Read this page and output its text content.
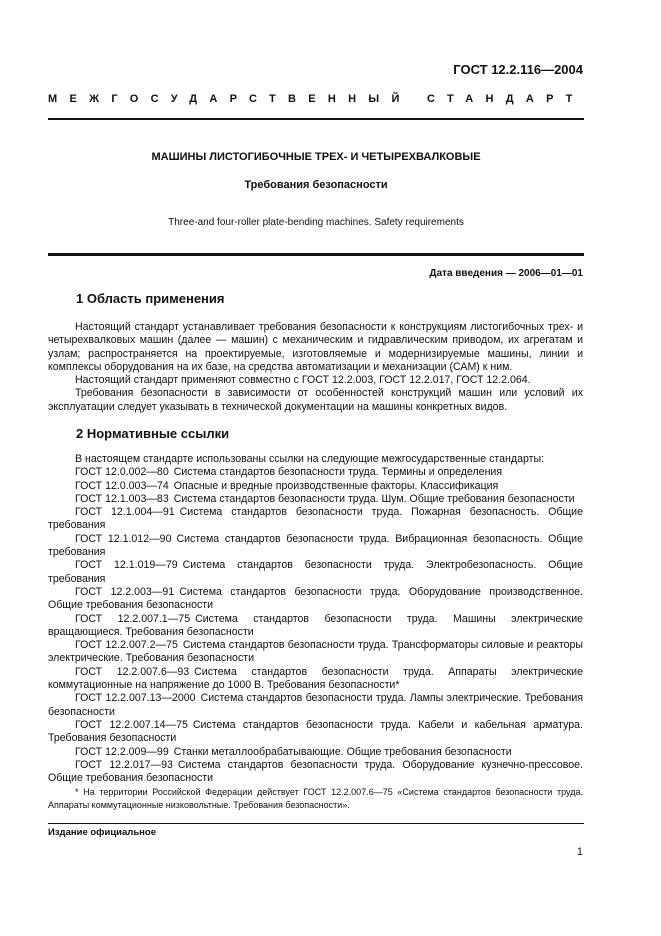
ГОСТ 12.2.116—2004
МЕЖГОСУДАРСТВЕННЫЙ СТАНДАРТ
МАШИНЫ ЛИСТОГИБОЧНЫЕ ТРЕХ- И ЧЕТЫРЕХВАЛКОВЫЕ
Требования безопасности
Three-and four-roller plate-bending machines. Safety requirements
Дата введения — 2006—01—01
1 Область применения

Настоящий стандарт устанавливает требования безопасности к конструкциям листогибочных трех- и четырехвалковых машин (далее — машин) с механическим и гидравлическим приводом, их агрегатам и узлам; распространяется на проектируемые, изготовляемые и модернизируемые машины, линии и комплексы оборудования на их базе, на средства автоматизации и механизации (САМ) к ним.

Настоящий стандарт применяют совместно с ГОСТ 12.2.003, ГОСТ 12.2.017, ГОСТ 12.2.064.

Требования безопасности в зависимости от особенностей конструкций машин или условий их эксплуатации следует указывать в технической документации на машины конкретных видов.

2 Нормативные ссылки

В настоящем стандарте использованы ссылки на следующие межгосударственные стандарты:

ГОСТ 12.0.002—80 Система стандартов безопасности труда. Термины и определения
ГОСТ 12.0.003—74 Опасные и вредные производственные факторы. Классификация
ГОСТ 12.1.003—83 Система стандартов безопасности труда. Шум. Общие требования безопасности
ГОСТ 12.1.004—91 Система стандартов безопасности труда. Пожарная безопасность. Общие требования
ГОСТ 12.1.012—90 Система стандартов безопасности труда. Вибрационная безопасность. Общие требования
ГОСТ 12.1.019—79 Система стандартов безопасности труда. Электробезопасность. Общие требования
ГОСТ 12.2.003—91 Система стандартов безопасности труда. Оборудование производственное. Общие требования безопасности
ГОСТ 12.2.007.1—75 Система стандартов безопасности труда. Машины электрические вращающиеся. Требования безопасности
ГОСТ 12.2.007.2—75 Система стандартов безопасности труда. Трансформаторы силовые и реакторы электрические. Требования безопасности
ГОСТ 12.2.007.6—93 Система стандартов безопасности труда. Аппараты электрические коммутационные на напряжение до 1000 В. Требования безопасности*
ГОСТ 12.2.007.13—2000 Система стандартов безопасности труда. Лампы электрические. Требования безопасности
ГОСТ 12.2.007.14—75 Система стандартов безопасности труда. Кабели и кабельная арматура. Требования безопасности
ГОСТ 12.2.009—99 Станки металлообрабатывающие. Общие требования безопасности
ГОСТ 12.2.017—93 Система стандартов безопасности труда. Оборудование кузнечно-прессовое. Общие требования безопасности

* На территории Российской Федерации действует ГОСТ 12.2.007.6—75 «Система стандартов безопасности труда. Аппараты коммутационные низковольтные. Требования безопасности».

Издание официальное
1
